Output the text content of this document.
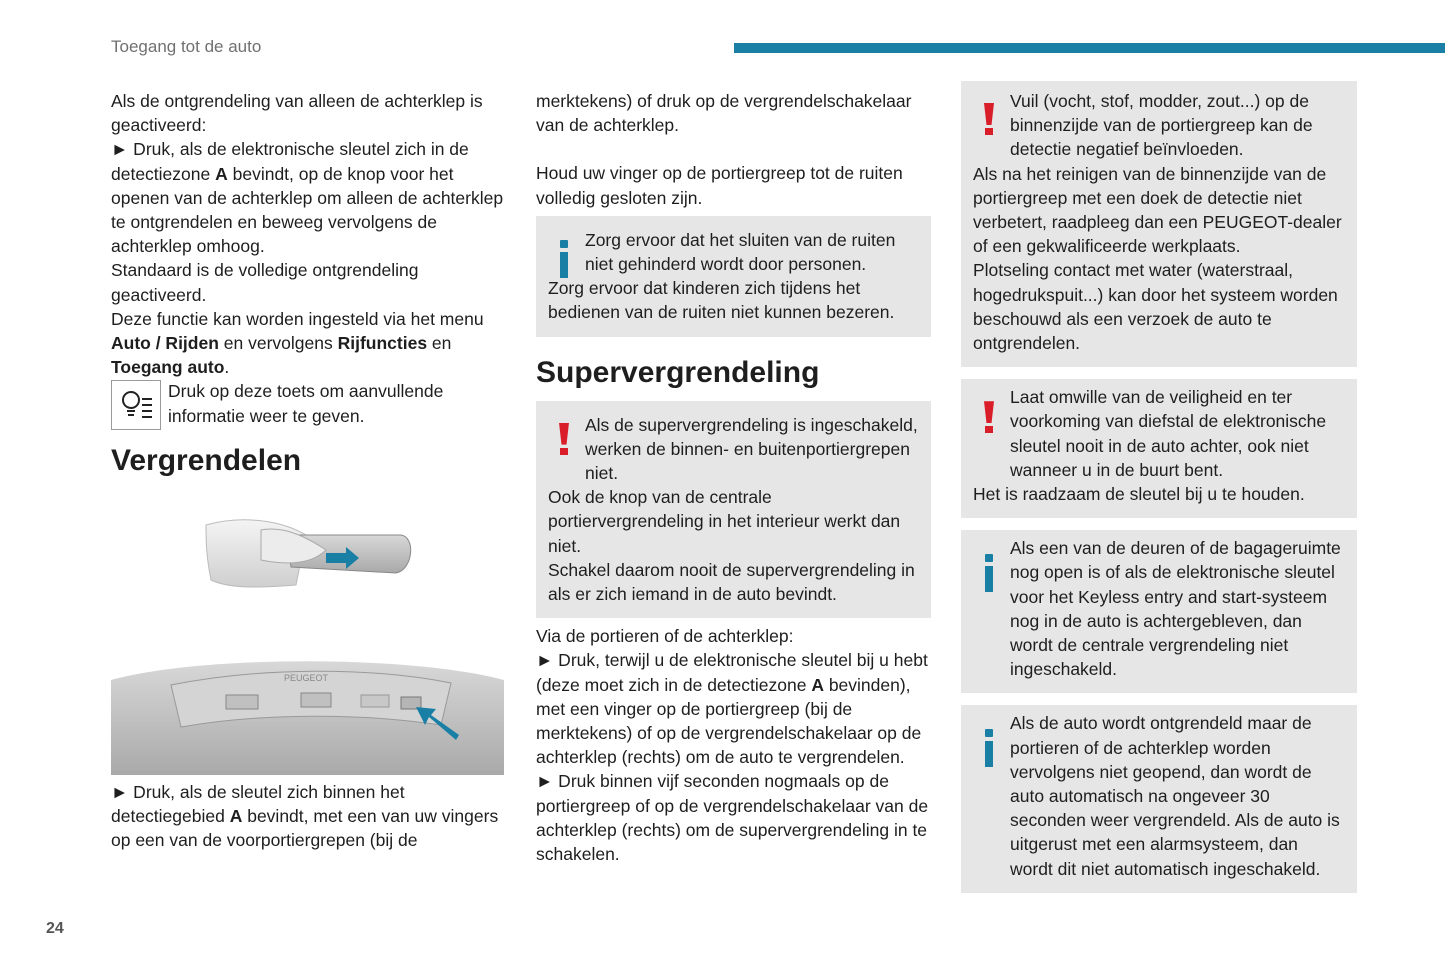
Toegang tot de auto
24

Als de ontgrendeling van alleen de achterklep is geactiveerd:

► Druk, als de elektronische sleutel zich in de detectiezone A bevindt, op de knop voor het openen van de achterklep om alleen de achterklep te ontgrendelen en beweeg vervolgens de achterklep omhoog.

Standaard is de volledige ontgrendeling geactiveerd.

Deze functie kan worden ingesteld via het menu Auto / Rijden en vervolgens Rijfuncties en Toegang auto.

Druk op deze toets om aanvullende informatie weer te geven.

Vergrendelen
PEUGEOT

► Druk, als de sleutel zich binnen het detectiegebied A bevindt, met een van uw vingers op een van de voorportiergrepen (bij de

merktekens) of druk op de vergrendelschakelaar van de achterklep.

Houd uw vinger op de portiergreep tot de ruiten volledig gesloten zijn.

Zorg ervoor dat het sluiten van de ruiten niet gehinderd wordt door personen.

Zorg ervoor dat kinderen zich tijdens het bedienen van de ruiten niet kunnen bezeren.

Supervergrendeling

Als de supervergrendeling is ingeschakeld, werken de binnen- en buitenportiergrepen niet.

Ook de knop van de centrale portiervergrendeling in het interieur werkt dan niet.

Schakel daarom nooit de supervergrendeling in als er zich iemand in de auto bevindt.

Via de portieren of de achterklep:

► Druk, terwijl u de elektronische sleutel bij u hebt (deze moet zich in de detectiezone A bevinden), met een vinger op de portiergreep (bij de merktekens) of op de vergrendelschakelaar op de achterklep (rechts) om de auto te vergrendelen.

► Druk binnen vijf seconden nogmaals op de portiergreep of op de vergrendelschakelaar van de achterklep (rechts) om de supervergrendeling in te schakelen.

Vuil (vocht, stof, modder, zout...) op de binnenzijde van de portiergreep kan de detectie negatief beïnvloeden.

Als na het reinigen van de binnenzijde van de portiergreep met een doek de detectie niet verbetert, raadpleeg dan een PEUGEOT-dealer of een gekwalificeerde werkplaats.

Plotseling contact met water (waterstraal, hogedrukspuit...) kan door het systeem worden beschouwd als een verzoek de auto te ontgrendelen.

Laat omwille van de veiligheid en ter voorkoming van diefstal de elektronische sleutel nooit in de auto achter, ook niet wanneer u in de buurt bent.

Het is raadzaam de sleutel bij u te houden.

Als een van de deuren of de bagageruimte nog open is of als de elektronische sleutel voor het Keyless entry and start-systeem nog in de auto is achtergebleven, dan wordt de centrale vergrendeling niet ingeschakeld.

Als de auto wordt ontgrendeld maar de portieren of de achterklep worden vervolgens niet geopend, dan wordt de auto automatisch na ongeveer 30 seconden weer vergrendeld. Als de auto is uitgerust met een alarmsysteem, dan wordt dit niet automatisch ingeschakeld.
